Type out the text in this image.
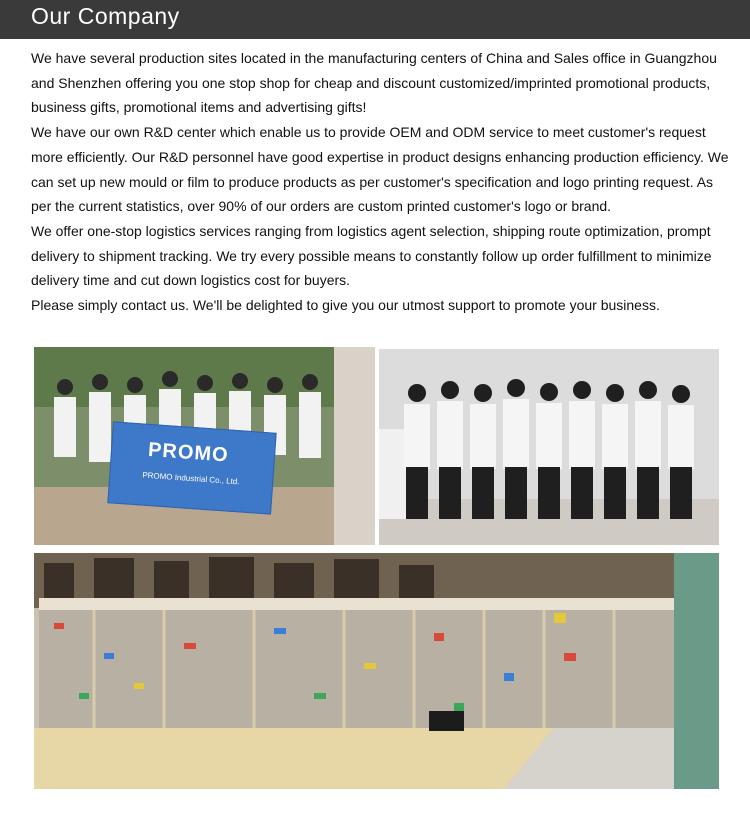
Our Company

We have several production sites located in the manufacturing centers of China and Sales office in Guangzhou and Shenzhen offering you one stop shop for cheap and discount customized/imprinted promotional products, business gifts, promotional items and advertising gifts!

We have our own R&D center which enable us to provide OEM and ODM service to meet customer's request more efficiently. Our R&D personnel have good expertise in product designs enhancing production efficiency. We can set up new mould or film to produce products as per customer's specification and logo printing request. As per the current statistics, over 90% of our orders are custom printed customer's logo or brand.

We offer one-stop logistics services ranging from logistics agent selection, shipping route optimization, prompt delivery to shipment tracking. We try every possible means to constantly follow up order fulfillment to minimize delivery time and cut down logistics cost for buyers.

Please simply contact us. We'll be delighted to give you our utmost support to promote your business.

PROMO
PROMO Industrial Co., Ltd.
